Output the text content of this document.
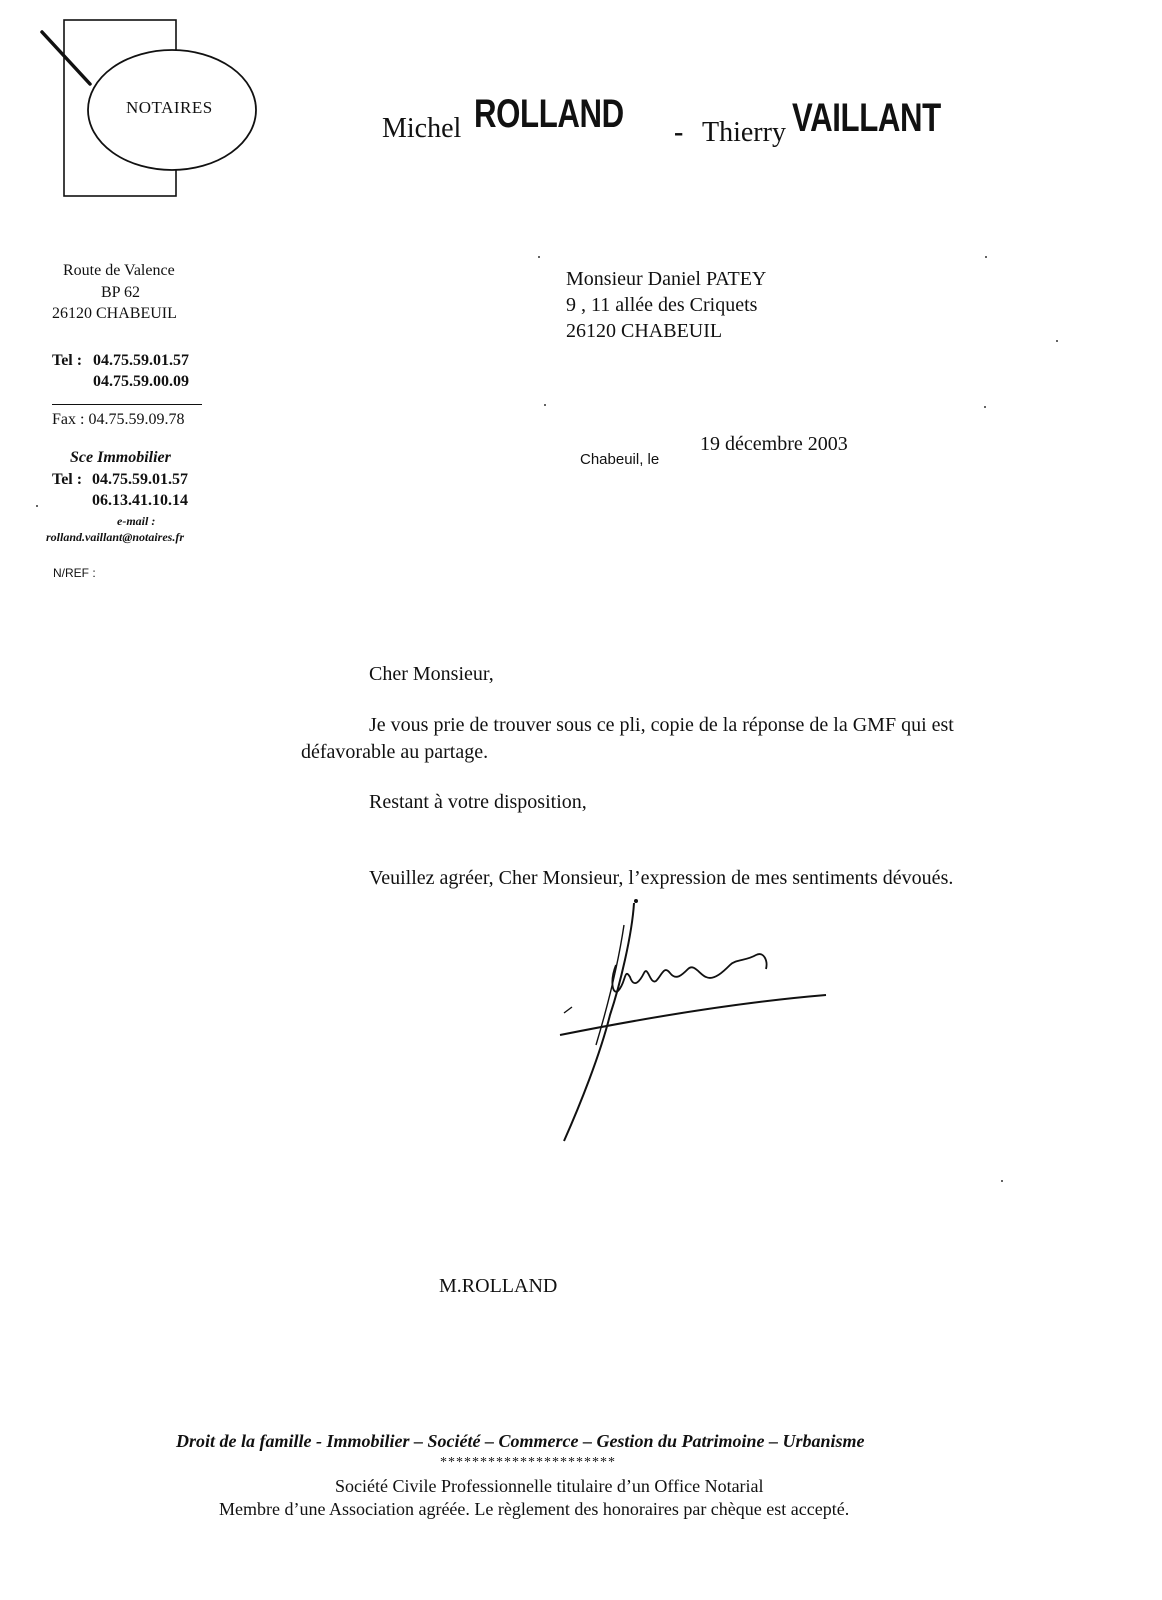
NOTAIRES
Michel ROLLAND - Thierry VAILLANT
Route de Valence
BP 62
26120 CHABEUIL
Tel : 04.75.59.01.57
04.75.59.00.09
Fax : 04.75.59.09.78
Sce Immobilier
Tel : 04.75.59.01.57
06.13.41.10.14
e-mail :
rolland.vaillant@notaires.fr
N/REF :
Monsieur Daniel PATEY
9 , 11 allée des Criquets
26120 CHABEUIL
Chabeuil, le
19 décembre 2003
Cher Monsieur,
Je vous prie de trouver sous ce pli, copie de la réponse de la GMF qui est
défavorable au partage.
Restant à votre disposition,
Veuillez agréer, Cher Monsieur, l’expression de mes sentiments dévoués.
M.ROLLAND
Droit de la famille - Immobilier – Société – Commerce – Gestion du Patrimoine – Urbanisme
**********************
Société Civile Professionnelle titulaire d’un Office Notarial
Membre d’une Association agréée. Le règlement des honoraires par chèque est accepté.
